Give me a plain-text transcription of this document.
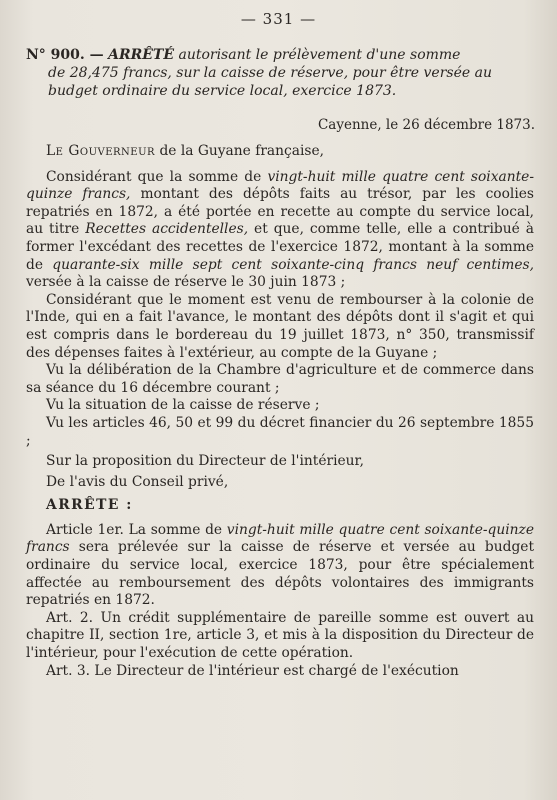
— 331 —
N° 900. — ARRÊTÉ autorisant le prélèvement d'une somme
de 28,475 francs, sur la caisse de réserve, pour être versée au
budget ordinaire du service local, exercice 1873.
Cayenne, le 26 décembre 1873.

Le Gouverneur de la Guyane française,

Considérant que la somme de vingt-huit mille quatre cent soixante-quinze francs, montant des dépôts faits au trésor, par les coolies repatriés en 1872, a été portée en recette au compte du service local, au titre Recettes accidentelles, et que, comme telle, elle a contribué à former l'excédant des recettes de l'exercice 1872, montant à la somme de quarante-six mille sept cent soixante-cinq francs neuf centimes, versée à la caisse de réserve le 30 juin 1873 ;

Considérant que le moment est venu de rembourser à la colonie de l'Inde, qui en a fait l'avance, le montant des dépôts dont il s'agit et qui est compris dans le bordereau du 19 juillet 1873, n° 350, transmissif des dépenses faites à l'extérieur, au compte de la Guyane ;

Vu la délibération de la Chambre d'agriculture et de commerce dans sa séance du 16 décembre courant ;

Vu la situation de la caisse de réserve ;

Vu les articles 46, 50 et 99 du décret financier du 26 septembre 1855 ;

Sur la proposition du Directeur de l'intérieur,

De l'avis du Conseil privé,

ARRÊTE :

Article 1er. La somme de vingt-huit mille quatre cent soixante-quinze francs sera prélevée sur la caisse de réserve et versée au budget ordinaire du service local, exercice 1873, pour être spécialement affectée au remboursement des dépôts volontaires des immigrants repatriés en 1872.

Art. 2. Un crédit supplémentaire de pareille somme est ouvert au chapitre II, section 1re, article 3, et mis à la disposition du Directeur de l'intérieur, pour l'exécution de cette opération.

Art. 3. Le Directeur de l'intérieur est chargé de l'exécution
